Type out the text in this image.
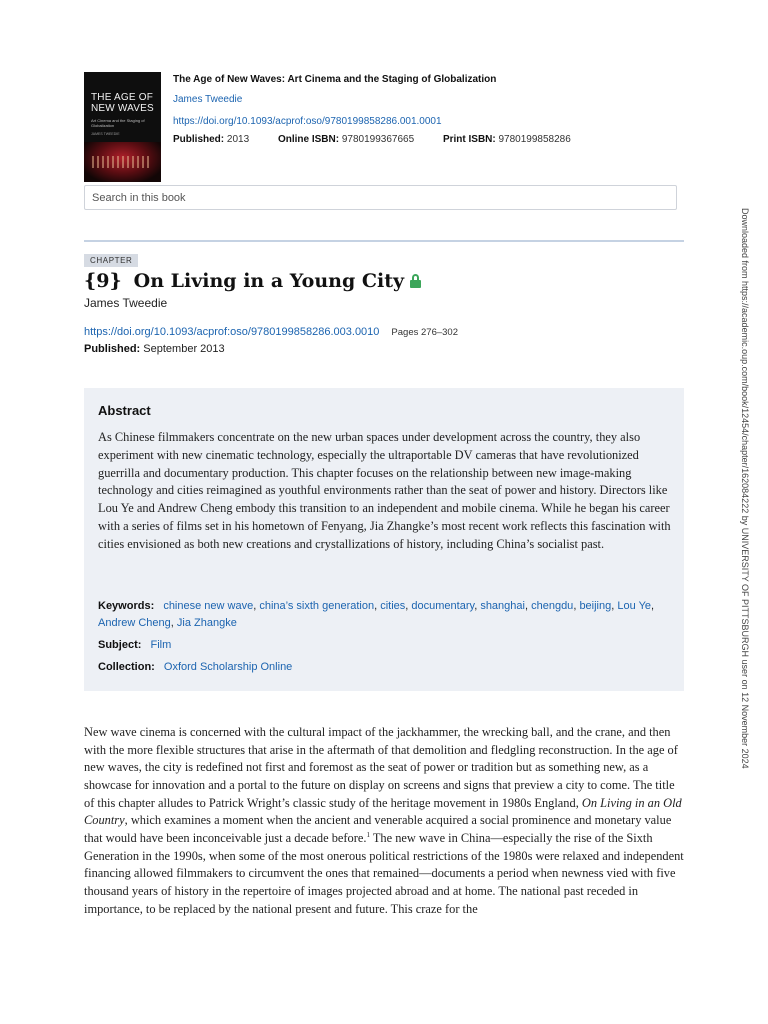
THE AGE OF
NEW WAVES
Art Cinema and the Staging of Globalization
JAMES TWEEDIE
The Age of New Waves: Art Cinema and the Staging of Globalization
James Tweedie
https://doi.org/10.1093/acprof:oso/9780199858286.001.0001
Published: 2013	Online ISBN: 9780199367665	Print ISBN: 9780199858286
Search in this book
CHAPTER
{9} On Living in a Young City
James Tweedie
https://doi.org/10.1093/acprof:oso/9780199858286.003.0010 Pages 276–302
Published: September 2013
Abstract
As Chinese filmmakers concentrate on the new urban spaces under development across the country, they also experiment with new cinematic technology, especially the ultraportable DV cameras that have revolutionized guerrilla and documentary production. This chapter focuses on the relationship between new image-making technology and cities reimagined as youthful environments rather than the seat of power and history. Directors like Lou Ye and Andrew Cheng embody this transition to an independent and mobile cinema. While he began his career with a series of films set in his hometown of Fenyang, Jia Zhangke’s most recent work reflects this fascination with cities envisioned as both new creations and crystallizations of history, including China’s socialist past.
Keywords: chinese new wave, china’s sixth generation, cities, documentary, shanghai, chengdu, beijing, Lou Ye, Andrew Cheng, Jia Zhangke
Subject: Film
Collection: Oxford Scholarship Online
New wave cinema is concerned with the cultural impact of the jackhammer, the wrecking ball, and the crane, and then with the more flexible structures that arise in the aftermath of that demolition and fledgling reconstruction. In the age of new waves, the city is redefined not first and foremost as the seat of power or tradition but as something new, as a showcase for innovation and a portal to the future on display on screens and signs that preview a city to come. The title of this chapter alludes to Patrick Wright’s classic study of the heritage movement in 1980s England, On Living in an Old Country, which examines a moment when the ancient and venerable acquired a social prominence and monetary value that would have been inconceivable just a decade before.$^1$ The new wave in China—especially the rise of the Sixth Generation in the 1990s, when some of the most onerous political restrictions of the 1980s were relaxed and independent financing allowed filmmakers to circumvent the ones that remained—documents a period when newness vied with five thousand years of history in the repertoire of images projected abroad and at home. The national past receded in importance, to be replaced by the national present and future. This craze for the
Downloaded from https://academic.oup.com/book/12454/chapter/162084222 by UNIVERSITY OF PITTSBURGH user on 12 November 2024
